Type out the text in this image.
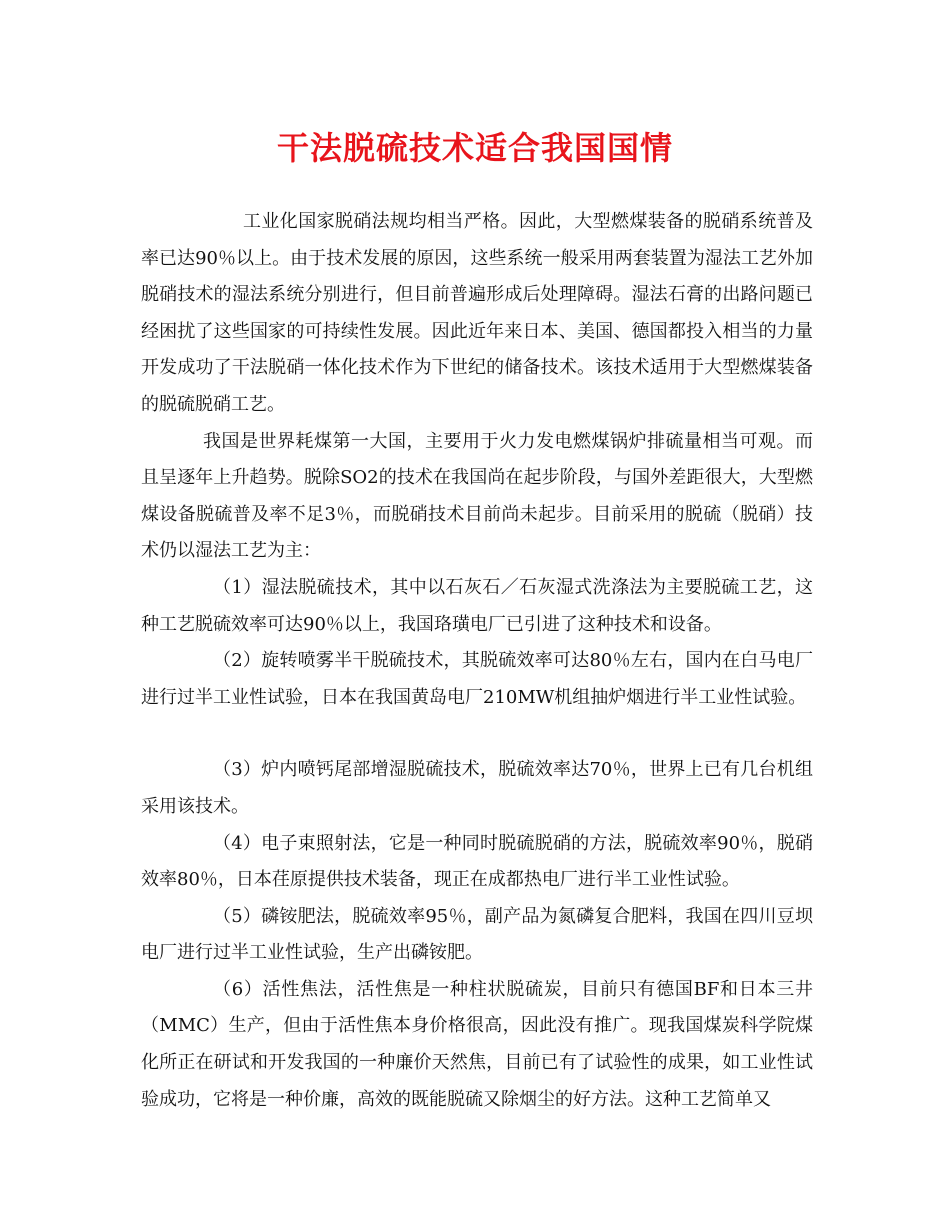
干法脱硫技术适合我国国情

工业化国家脱硝法规均相当严格。因此，大型燃煤装备的脱硝系统普及率已达90％以上。由于技术发展的原因，这些系统一般采用两套装置为湿法工艺外加脱硝技术的湿法系统分别进行，但目前普遍形成后处理障碍。湿法石膏的出路问题已经困扰了这些国家的可持续性发展。因此近年来日本、美国、德国都投入相当的力量开发成功了干法脱硝一体化技术作为下世纪的储备技术。该技术适用于大型燃煤装备的脱硫脱硝工艺。

我国是世界耗煤第一大国，主要用于火力发电燃煤锅炉排硫量相当可观。而且呈逐年上升趋势。脱除SO2的技术在我国尚在起步阶段，与国外差距很大，大型燃煤设备脱硫普及率不足3％，而脱硝技术目前尚未起步。目前采用的脱硫（脱硝）技术仍以湿法工艺为主：

（1）湿法脱硫技术，其中以石灰石／石灰湿式洗涤法为主要脱硫工艺，这种工艺脱硫效率可达90％以上，我国珞璜电厂已引进了这种技术和设备。

（2）旋转喷雾半干脱硫技术，其脱硫效率可达80％左右，国内在白马电厂进行过半工业性试验，日本在我国黄岛电厂210MW机组抽炉烟进行半工业性试验。

（3）炉内喷钙尾部增湿脱硫技术，脱硫效率达70％，世界上已有几台机组采用该技术。

（4）电子束照射法，它是一种同时脱硫脱硝的方法，脱硫效率90％，脱硝效率80％，日本荏原提供技术装备，现正在成都热电厂进行半工业性试验。

（5）磷铵肥法，脱硫效率95％，副产品为氮磷复合肥料，我国在四川豆坝电厂进行过半工业性试验，生产出磷铵肥。

（6）活性焦法，活性焦是一种柱状脱硫炭，目前只有德国BF和日本三井（MMC）生产，但由于活性焦本身价格很高，因此没有推广。现我国煤炭科学院煤化所正在研试和开发我国的一种廉价天然焦，目前已有了试验性的成果，如工业性试验成功，它将是一种价廉，高效的既能脱硫又除烟尘的好方法。这种工艺简单又
